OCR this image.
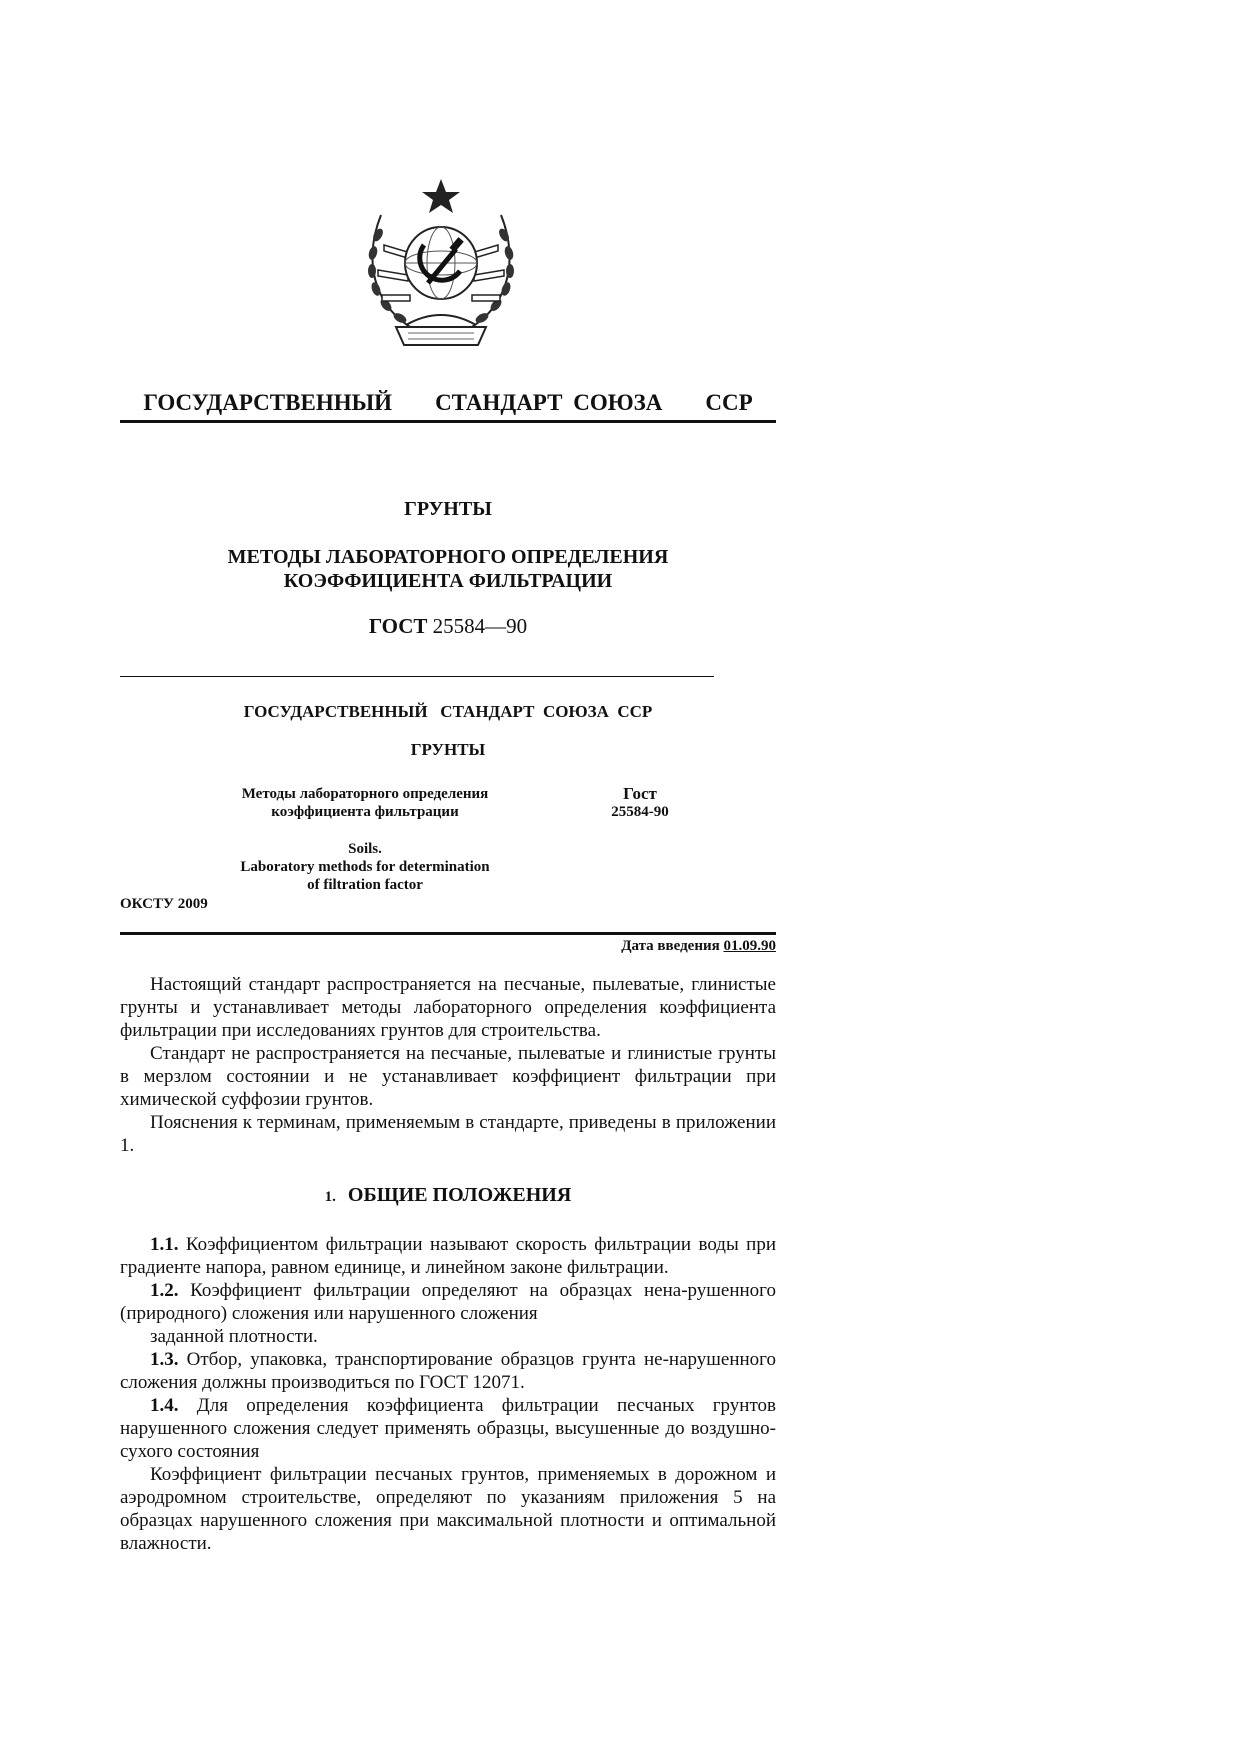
ГОСУДАРСТВЕННЫЙ    СТАНДАРТ СОЮЗА    ССР
ГРУНТЫ
МЕТОДЫ ЛАБОРАТОРНОГО ОПРЕДЕЛЕНИЯ
КОЭФФИЦИЕНТА ФИЛЬТРАЦИИ
ГОСТ 25584—90
ГОСУДАРСТВЕННЫЙ   СТАНДАРТ  СОЮЗА  ССР
ГРУНТЫ
Методы лабораторного определения
коэффициента фильтрации
Гост
25584-90
Soils.
Laboratory methods for determination
of filtration factor
ОКСТУ 2009
Дата введения 01.09.90

Настоящий стандарт распространяется на песчаные, пылеватые, глинистые грунты и устанавливает методы лабораторного определения коэффициента фильтрации при исследованиях грунтов для строительства.

Стандарт не распространяется на песчаные, пылеватые и глинистые грунты в мерзлом состоянии и не устанавливает коэффициент фильтрации при химической суффозии грунтов.

Пояснения к терминам, применяемым в стандарте, приведены в приложении 1.

1. ОБЩИЕ ПОЛОЖЕНИЯ

1.1. Коэффициентом фильтрации называют скорость фильтрации воды при градиенте напора, равном единице, и линейном законе фильтрации.

1.2. Коэффициент фильтрации определяют на образцах нена-рушенного (природного) сложения или нарушенного сложения

заданной плотности.

1.3. Отбор, упаковка, транспортирование образцов грунта не-нарушенного сложения должны производиться по ГОСТ 12071.

1.4. Для определения коэффициента фильтрации песчаных грунтов нарушенного сложения следует применять образцы, высушенные до воздушно-сухого состояния

Коэффициент фильтрации песчаных грунтов, применяемых в дорожном и аэродромном строительстве, определяют по указаниям приложения 5 на образцах нарушенного сложения при максимальной плотности и оптимальной влажности.
